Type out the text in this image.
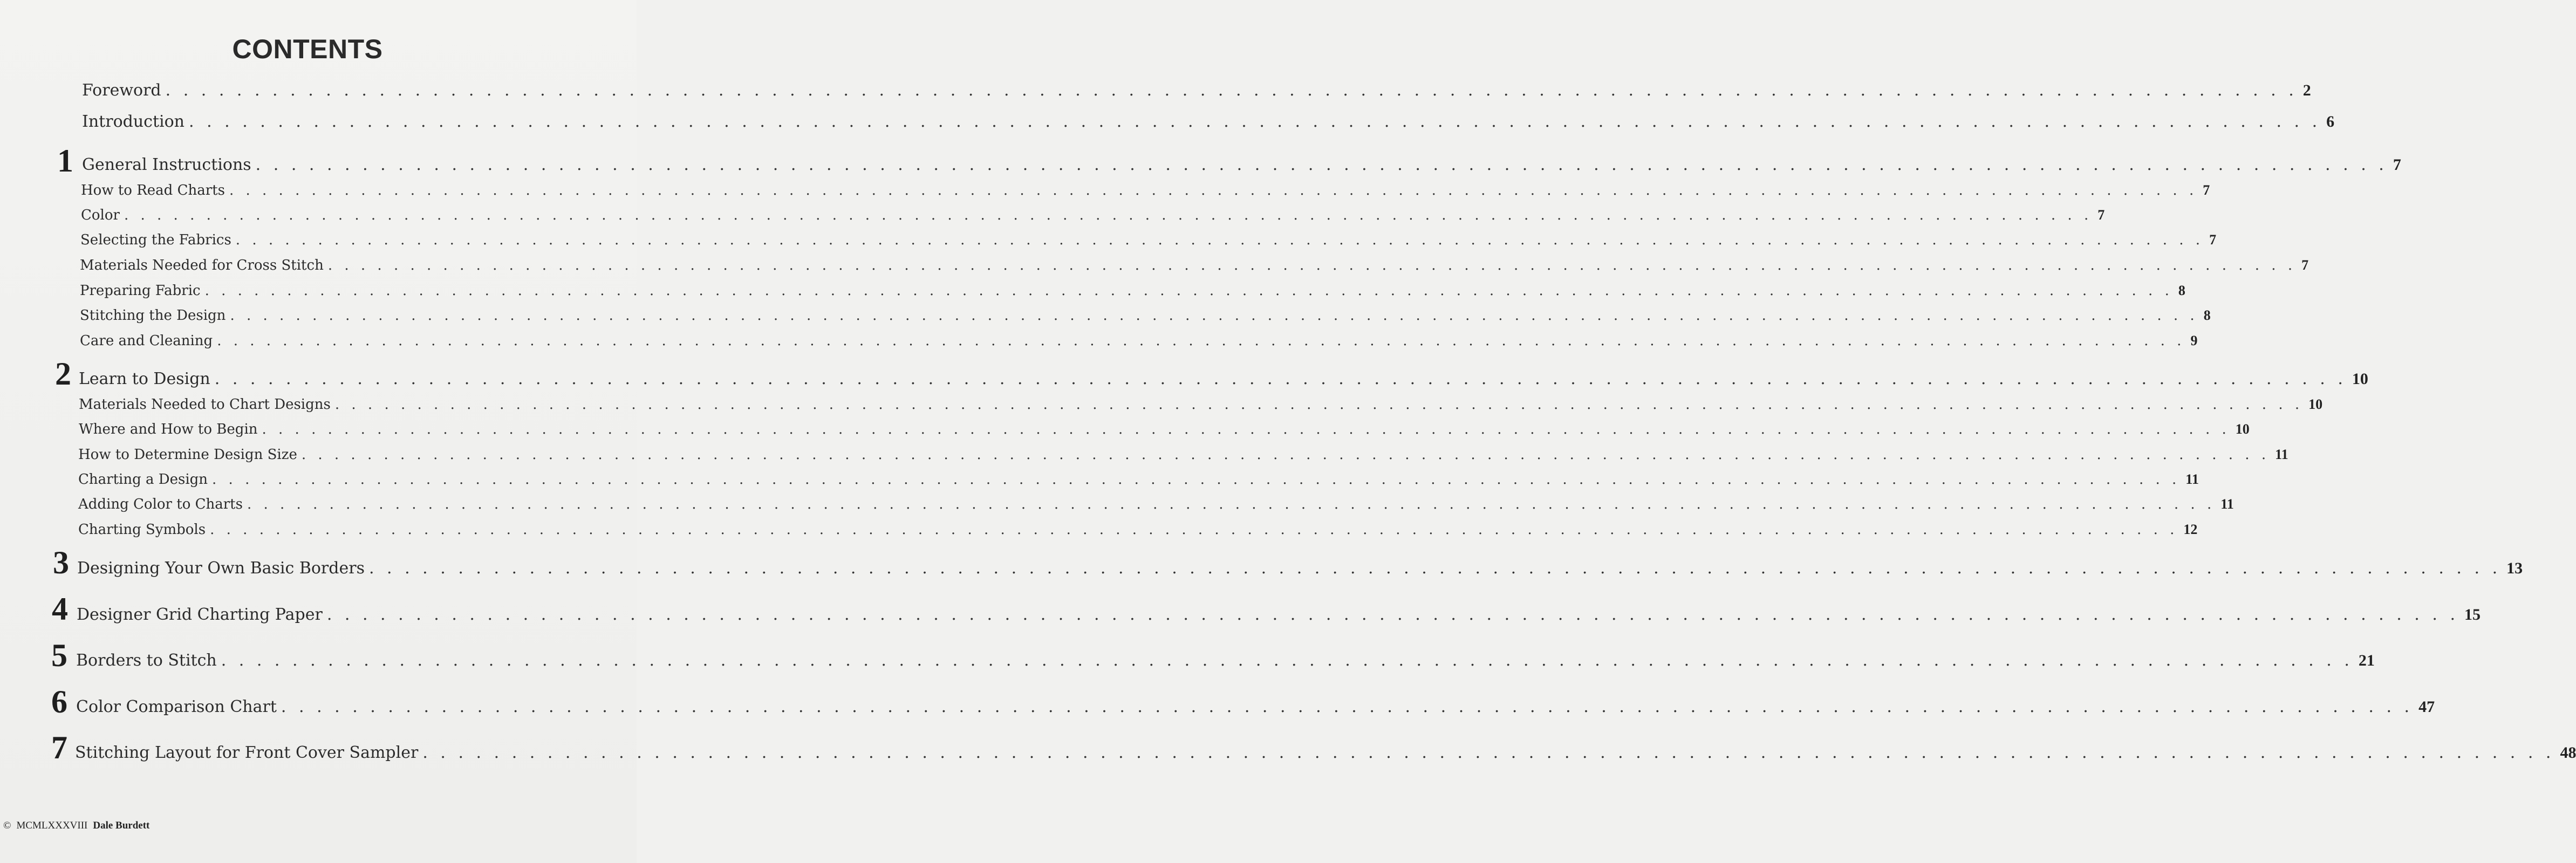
CONTENTS
Foreword . . . . . . . . . . . . . . . . . . . . . . . . . . . . . . . . . . . . . . . . . . . . . . . . . . . . . . . . . . . . . . . . . . . . . . . . . . . . . . . . . . . . . . . . . . . . . . . . . . . . . . . . . . . . . . . . . . . . . . . . 2
Introduction . . . . . . . . . . . . . . . . . . . . . . . . . . . . . . . . . . . . . . . . . . . . . . . . . . . . . . . . . . . . . . . . . . . . . . . . . . . . . . . . . . . . . . . . . . . . . . . . . . . . . . . . . . . . . . . . . . . . . . . . 6
1 General Instructions . . . . . . . . . . . . . . . . . . . . . . . . . . . . . . . . . . . . . . . . . . . . . . . . . . . . . . . . . . . . . . . . . . . . . . . . . . . . . . . . . . . . . . . . . . . . . . . . . . . . . . . . . . . . . . . . . . . . . . . . 7
How to Read Charts . . . . . . . . . . . . . . . . . . . . . . . . . . . . . . . . . . . . . . . . . . . . . . . . . . . . . . . . . . . . . . . . . . . . . . . . . . . . . . . . . . . . . . . . . . . . . . . . . . . . . . . . . . . . . . . . . . . . . . . . 7
Color . . . . . . . . . . . . . . . . . . . . . . . . . . . . . . . . . . . . . . . . . . . . . . . . . . . . . . . . . . . . . . . . . . . . . . . . . . . . . . . . . . . . . . . . . . . . . . . . . . . . . . . . . . . . . . . . . . . . . . . . 7
Selecting the Fabrics . . . . . . . . . . . . . . . . . . . . . . . . . . . . . . . . . . . . . . . . . . . . . . . . . . . . . . . . . . . . . . . . . . . . . . . . . . . . . . . . . . . . . . . . . . . . . . . . . . . . . . . . . . . . . . . . . . . . . . . . 7
Materials Needed for Cross Stitch . . . . . . . . . . . . . . . . . . . . . . . . . . . . . . . . . . . . . . . . . . . . . . . . . . . . . . . . . . . . . . . . . . . . . . . . . . . . . . . . . . . . . . . . . . . . . . . . . . . . . . . . . . . . . . . . . . . . . . . . 7
Preparing Fabric . . . . . . . . . . . . . . . . . . . . . . . . . . . . . . . . . . . . . . . . . . . . . . . . . . . . . . . . . . . . . . . . . . . . . . . . . . . . . . . . . . . . . . . . . . . . . . . . . . . . . . . . . . . . . . . . . . . . . . . . 8
Stitching the Design . . . . . . . . . . . . . . . . . . . . . . . . . . . . . . . . . . . . . . . . . . . . . . . . . . . . . . . . . . . . . . . . . . . . . . . . . . . . . . . . . . . . . . . . . . . . . . . . . . . . . . . . . . . . . . . . . . . . . . . . 8
Care and Cleaning . . . . . . . . . . . . . . . . . . . . . . . . . . . . . . . . . . . . . . . . . . . . . . . . . . . . . . . . . . . . . . . . . . . . . . . . . . . . . . . . . . . . . . . . . . . . . . . . . . . . . . . . . . . . . . . . . . . . . . . . 9
2 Learn to Design . . . . . . . . . . . . . . . . . . . . . . . . . . . . . . . . . . . . . . . . . . . . . . . . . . . . . . . . . . . . . . . . . . . . . . . . . . . . . . . . . . . . . . . . . . . . . . . . . . . . . . . . . . . . . . . . . . . . . . . . 10
Materials Needed to Chart Designs . . . . . . . . . . . . . . . . . . . . . . . . . . . . . . . . . . . . . . . . . . . . . . . . . . . . . . . . . . . . . . . . . . . . . . . . . . . . . . . . . . . . . . . . . . . . . . . . . . . . . . . . . . . . . . . . . . . . . . . . 10
Where and How to Begin . . . . . . . . . . . . . . . . . . . . . . . . . . . . . . . . . . . . . . . . . . . . . . . . . . . . . . . . . . . . . . . . . . . . . . . . . . . . . . . . . . . . . . . . . . . . . . . . . . . . . . . . . . . . . . . . . . . . . . . . 10
How to Determine Design Size . . . . . . . . . . . . . . . . . . . . . . . . . . . . . . . . . . . . . . . . . . . . . . . . . . . . . . . . . . . . . . . . . . . . . . . . . . . . . . . . . . . . . . . . . . . . . . . . . . . . . . . . . . . . . . . . . . . . . . . . 11
Charting a Design . . . . . . . . . . . . . . . . . . . . . . . . . . . . . . . . . . . . . . . . . . . . . . . . . . . . . . . . . . . . . . . . . . . . . . . . . . . . . . . . . . . . . . . . . . . . . . . . . . . . . . . . . . . . . . . . . . . . . . . . 11
Adding Color to Charts . . . . . . . . . . . . . . . . . . . . . . . . . . . . . . . . . . . . . . . . . . . . . . . . . . . . . . . . . . . . . . . . . . . . . . . . . . . . . . . . . . . . . . . . . . . . . . . . . . . . . . . . . . . . . . . . . . . . . . . . 11
Charting Symbols . . . . . . . . . . . . . . . . . . . . . . . . . . . . . . . . . . . . . . . . . . . . . . . . . . . . . . . . . . . . . . . . . . . . . . . . . . . . . . . . . . . . . . . . . . . . . . . . . . . . . . . . . . . . . . . . . . . . . . . . 12
3 Designing Your Own Basic Borders . . . . . . . . . . . . . . . . . . . . . . . . . . . . . . . . . . . . . . . . . . . . . . . . . . . . . . . . . . . . . . . . . . . . . . . . . . . . . . . . . . . . . . . . . . . . . . . . . . . . . . . . . . . . . . . . . . . . . . . . 13
4 Designer Grid Charting Paper . . . . . . . . . . . . . . . . . . . . . . . . . . . . . . . . . . . . . . . . . . . . . . . . . . . . . . . . . . . . . . . . . . . . . . . . . . . . . . . . . . . . . . . . . . . . . . . . . . . . . . . . . . . . . . . . . . . . . . . . 15
5 Borders to Stitch . . . . . . . . . . . . . . . . . . . . . . . . . . . . . . . . . . . . . . . . . . . . . . . . . . . . . . . . . . . . . . . . . . . . . . . . . . . . . . . . . . . . . . . . . . . . . . . . . . . . . . . . . . . . . . . . . . . . . . . . 21
6 Color Comparison Chart . . . . . . . . . . . . . . . . . . . . . . . . . . . . . . . . . . . . . . . . . . . . . . . . . . . . . . . . . . . . . . . . . . . . . . . . . . . . . . . . . . . . . . . . . . . . . . . . . . . . . . . . . . . . . . . . . . . . . . . . 47
7 Stitching Layout for Front Cover Sampler . . . . . . . . . . . . . . . . . . . . . . . . . . . . . . . . . . . . . . . . . . . . . . . . . . . . . . . . . . . . . . . . . . . . . . . . . . . . . . . . . . . . . . . . . . . . . . . . . . . . . . . . . . . . . . . . . . . . . . . . 48
© MCMLXXXVIII Dale Burdett
